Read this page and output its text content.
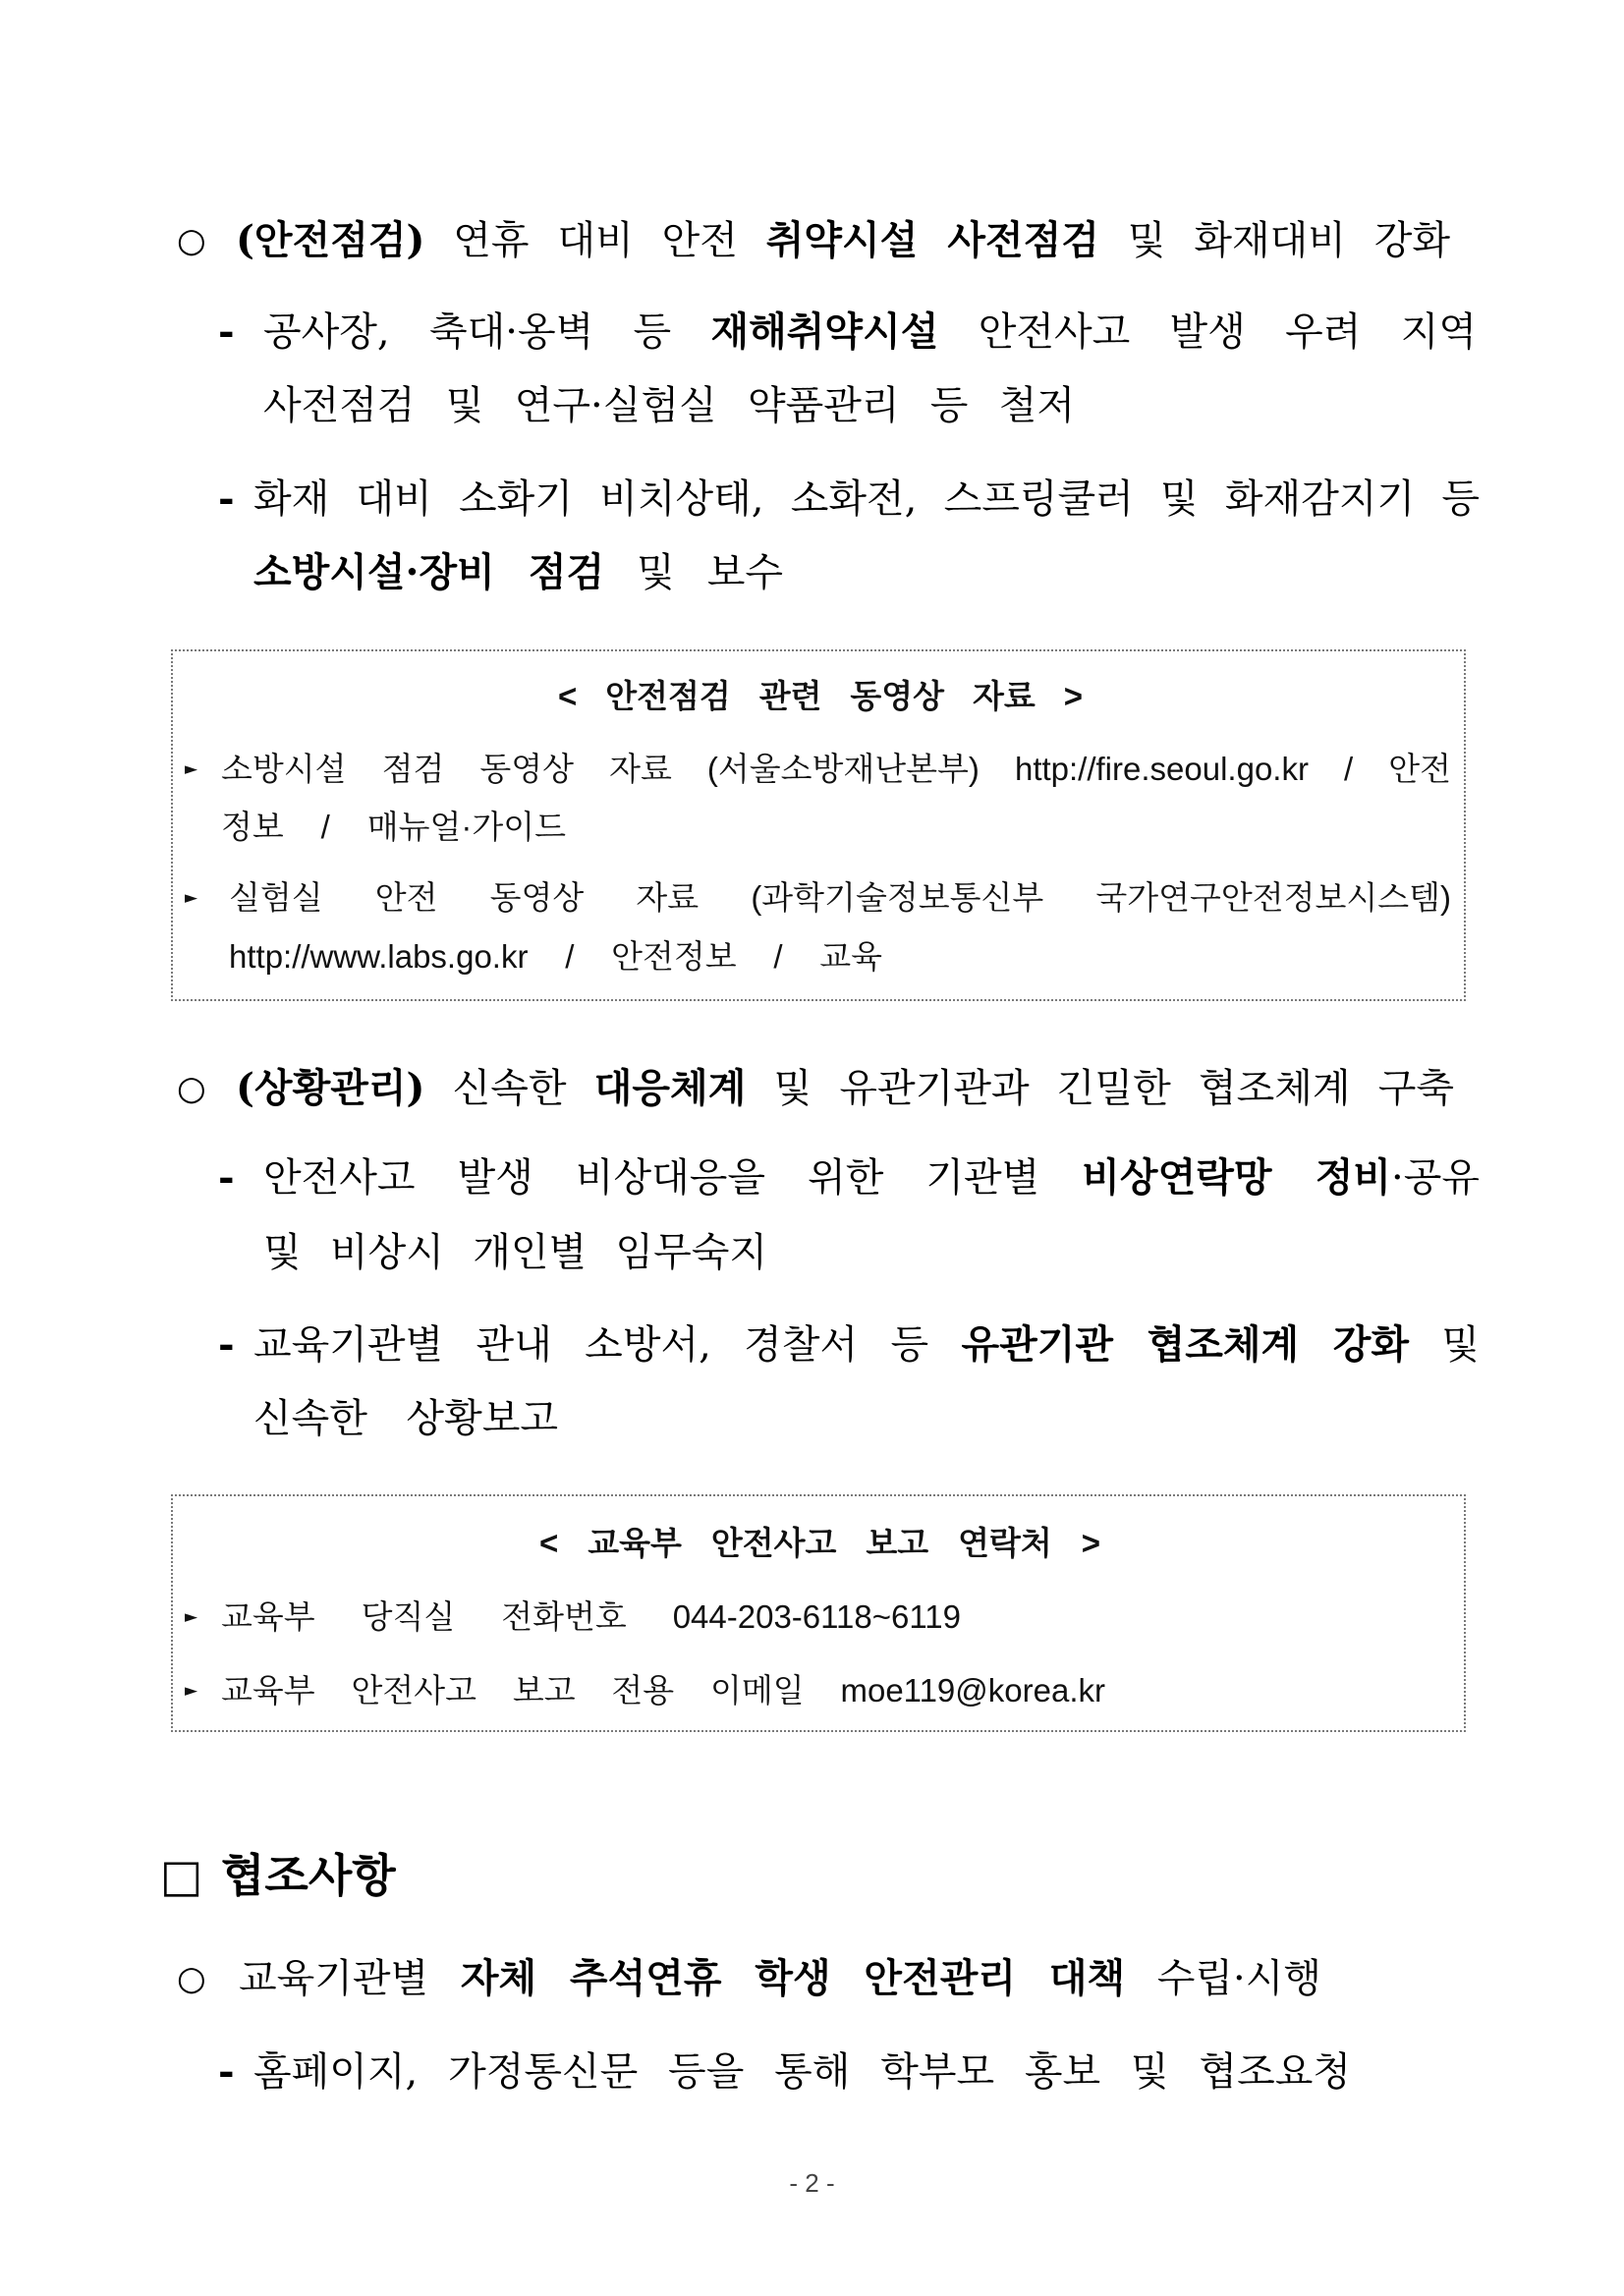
○ (안전점검) 연휴 대비 안전 취약시설 사전점검 및 화재대비 강화
- 공사장, 축대·옹벽 등 재해취약시설 안전사고 발생 우려 지역
사전점검 및 연구·실험실 약품관리 등 철저
- 화재 대비 소화기 비치상태, 소화전, 스프링쿨러 및 화재감지기 등
소방시설·장비 점검 및 보수
< 안전점검 관련 동영상 자료 >
► 소방시설 점검 동영상 자료 (서울소방재난본부) http://fire.seoul.go.kr / 안전
정보 / 매뉴얼·가이드
► 실험실 안전 동영상 자료 (과학기술정보통신부 국가연구안전정보시스템)
http://www.labs.go.kr / 안전정보 / 교육
○ (상황관리) 신속한 대응체계 및 유관기관과 긴밀한 협조체계 구축
- 안전사고 발생 비상대응을 위한 기관별 비상연락망 정비·공유
및 비상시 개인별 임무숙지
- 교육기관별 관내 소방서, 경찰서 등 유관기관 협조체계 강화 및
신속한 상황보고
< 교육부 안전사고 보고 연락처 >
► 교육부 당직실 전화번호 044-203-6118~6119
► 교육부 안전사고 보고 전용 이메일 moe119@korea.kr
□ 협조사항
○ 교육기관별 자체 추석연휴 학생 안전관리 대책 수립·시행
- 홈페이지, 가정통신문 등을 통해 학부모 홍보 및 협조요청
- 2 -
